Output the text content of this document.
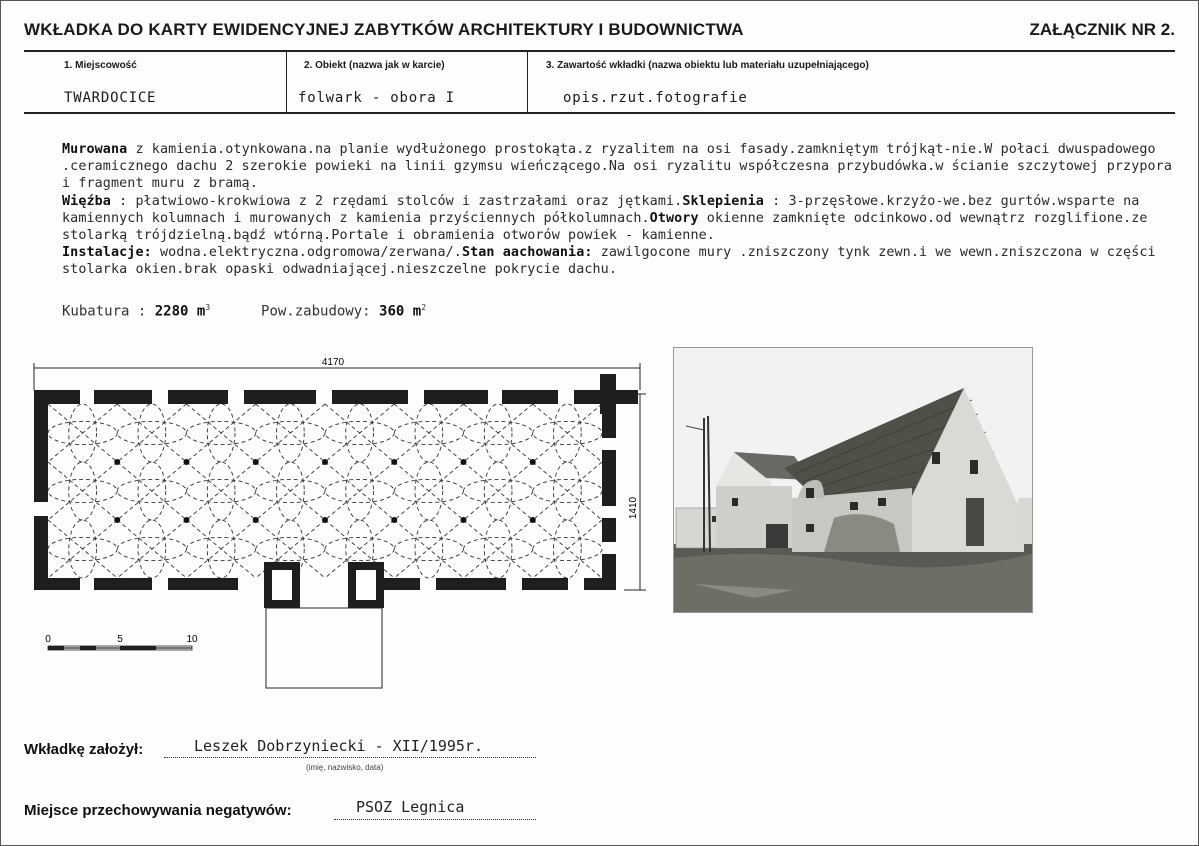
WKŁADKA DO KARTY EWIDENCYJNEJ ZABYTKÓW ARCHITEKTURY I BUDOWNICTWA	ZAŁĄCZNIK NR 2.
1. Miejscowość	2. Obiekt (nazwa jak w karcie)	3. Zawartość wkładki (nazwa obiektu lub materiału uzupełniającego)
TWARDOCICE	folwark - obora I	opis.rzut.fotografie

Murowana z kamienia.otynkowana.na planie wydłużonego prostokąta.z ryzalitem na osi fasady.zamkniętym trójkąt-nie.W połaci dwuspadowego .ceramicznego dachu 2 szerokie powieki na linii gzymsu wieńczącego.Na osi ryzalitu współczesna przybudówka.w ścianie szczytowej przypora i fragment muru z bramą.

Więźba : płatwiowo-krokwiowa z 2 rzędami stolców i zastrzałami oraz jętkami.Sklepienia : 3-przęsłowe.krzyżo-we.bez gurtów.wsparte na kamiennych kolumnach i murowanych z kamienia przyściennych półkolumnach.Otwory okienne zamknięte odcinkowo.od wewnątrz rozglifione.ze stolarką trójdzielną.bądź wtórną.Portale i obramienia otworów powiek - kamienne.

Instalacje: wodna.elektryczna.odgromowa/zerwana/.Stan aachowania: zawilgocone mury .zniszczony tynk zewn.i we wewn.zniszczona w części stolarka okien.brak opaski odwadniającej.nieszczelne pokrycie dachu.

Kubatura : 2280 $m^3$	Pow.zabudowy: 360 $m^2$
4170
1410
0	5	10
Wkładkę założył:	Leszek Dobrzyniecki - XII/1995r.
(imię, nazwisko, data)
Miejsce przechowywania negatywów:	PSOZ Legnica
